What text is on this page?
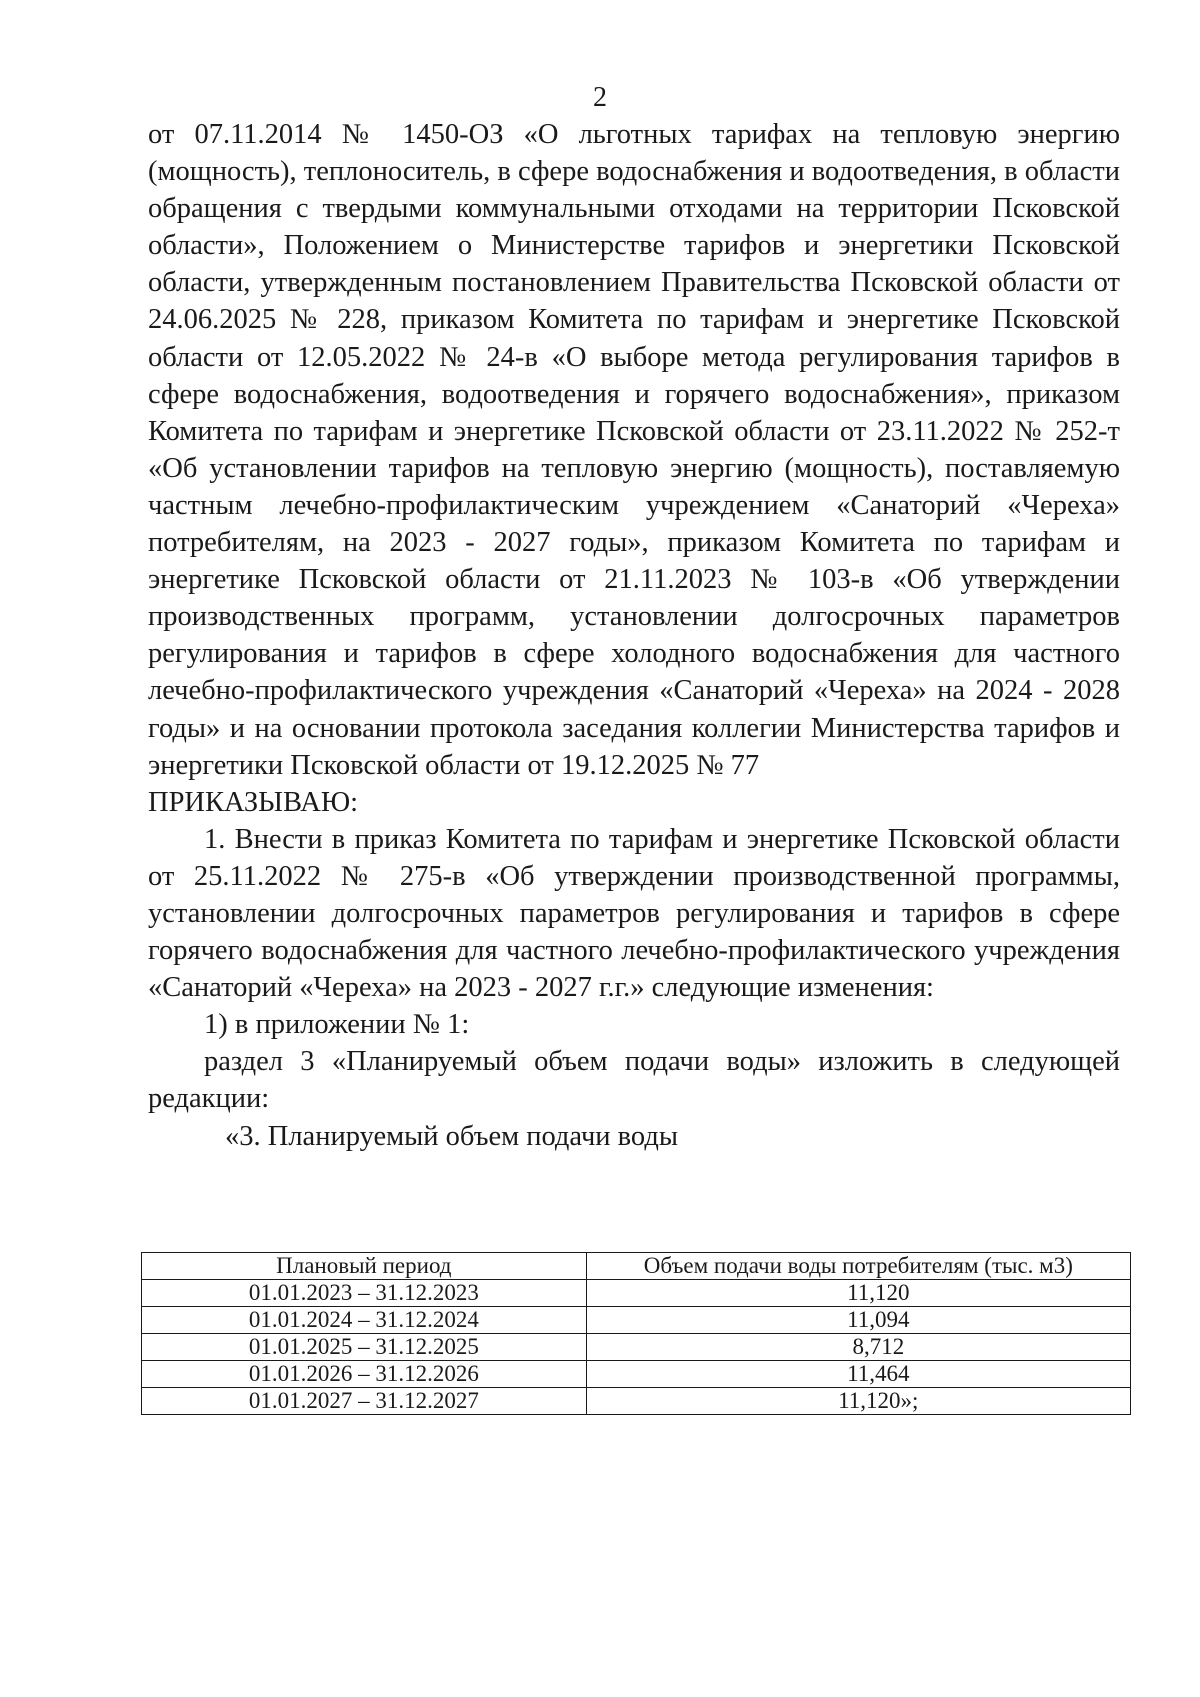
2

от 07.11.2014 № 1450-ОЗ «О льготных тарифах на тепловую энергию (мощность), теплоноситель, в сфере водоснабжения и водоотведения, в области обращения с твердыми коммунальными отходами на территории Псковской области», Положением о Министерстве тарифов и энергетики Псковской области, утвержденным постановлением Правительства Псковской области от 24.06.2025 № 228, приказом Комитета по тарифам и энергетике Псковской области от 12.05.2022 № 24-в «О выборе метода регулирования тарифов в сфере водоснабжения, водоотведения и горячего водоснабжения», приказом Комитета по тарифам и энергетике Псковской области от 23.11.2022 № 252-т «Об установлении тарифов на тепловую энергию (мощность), поставляемую частным лечебно-профилактическим учреждением «Санаторий «Череха» потребителям, на 2023 - 2027 годы», приказом Комитета по тарифам и энергетике Псковской области от 21.11.2023 № 103-в «Об утверждении производственных программ, установлении долгосрочных параметров регулирования и тарифов в сфере холодного водоснабжения для частного лечебно-профилактического учреждения «Санаторий «Череха» на 2024 - 2028 годы» и на основании протокола заседания коллегии Министерства тарифов и энергетики Псковской области от 19.12.2025 № 77

ПРИКАЗЫВАЮ:

1. Внести в приказ Комитета по тарифам и энергетике Псковской области от 25.11.2022 № 275-в «Об утверждении производственной программы, установлении долгосрочных параметров регулирования и тарифов в сфере горячего водоснабжения для частного лечебно-профилактического учреждения «Санаторий «Череха» на 2023 - 2027 г.г.» следующие изменения:

1) в приложении № 1:

раздел 3 «Планируемый объем подачи воды» изложить в следующей редакции:

«3. Планируемый объем подачи воды

Плановый период	Объем подачи воды потребителям (тыс. м3)
01.01.2023 – 31.12.2023	11,120
01.01.2024 – 31.12.2024	11,094
01.01.2025 – 31.12.2025	8,712
01.01.2026 – 31.12.2026	11,464
01.01.2027 – 31.12.2027	11,120»;
